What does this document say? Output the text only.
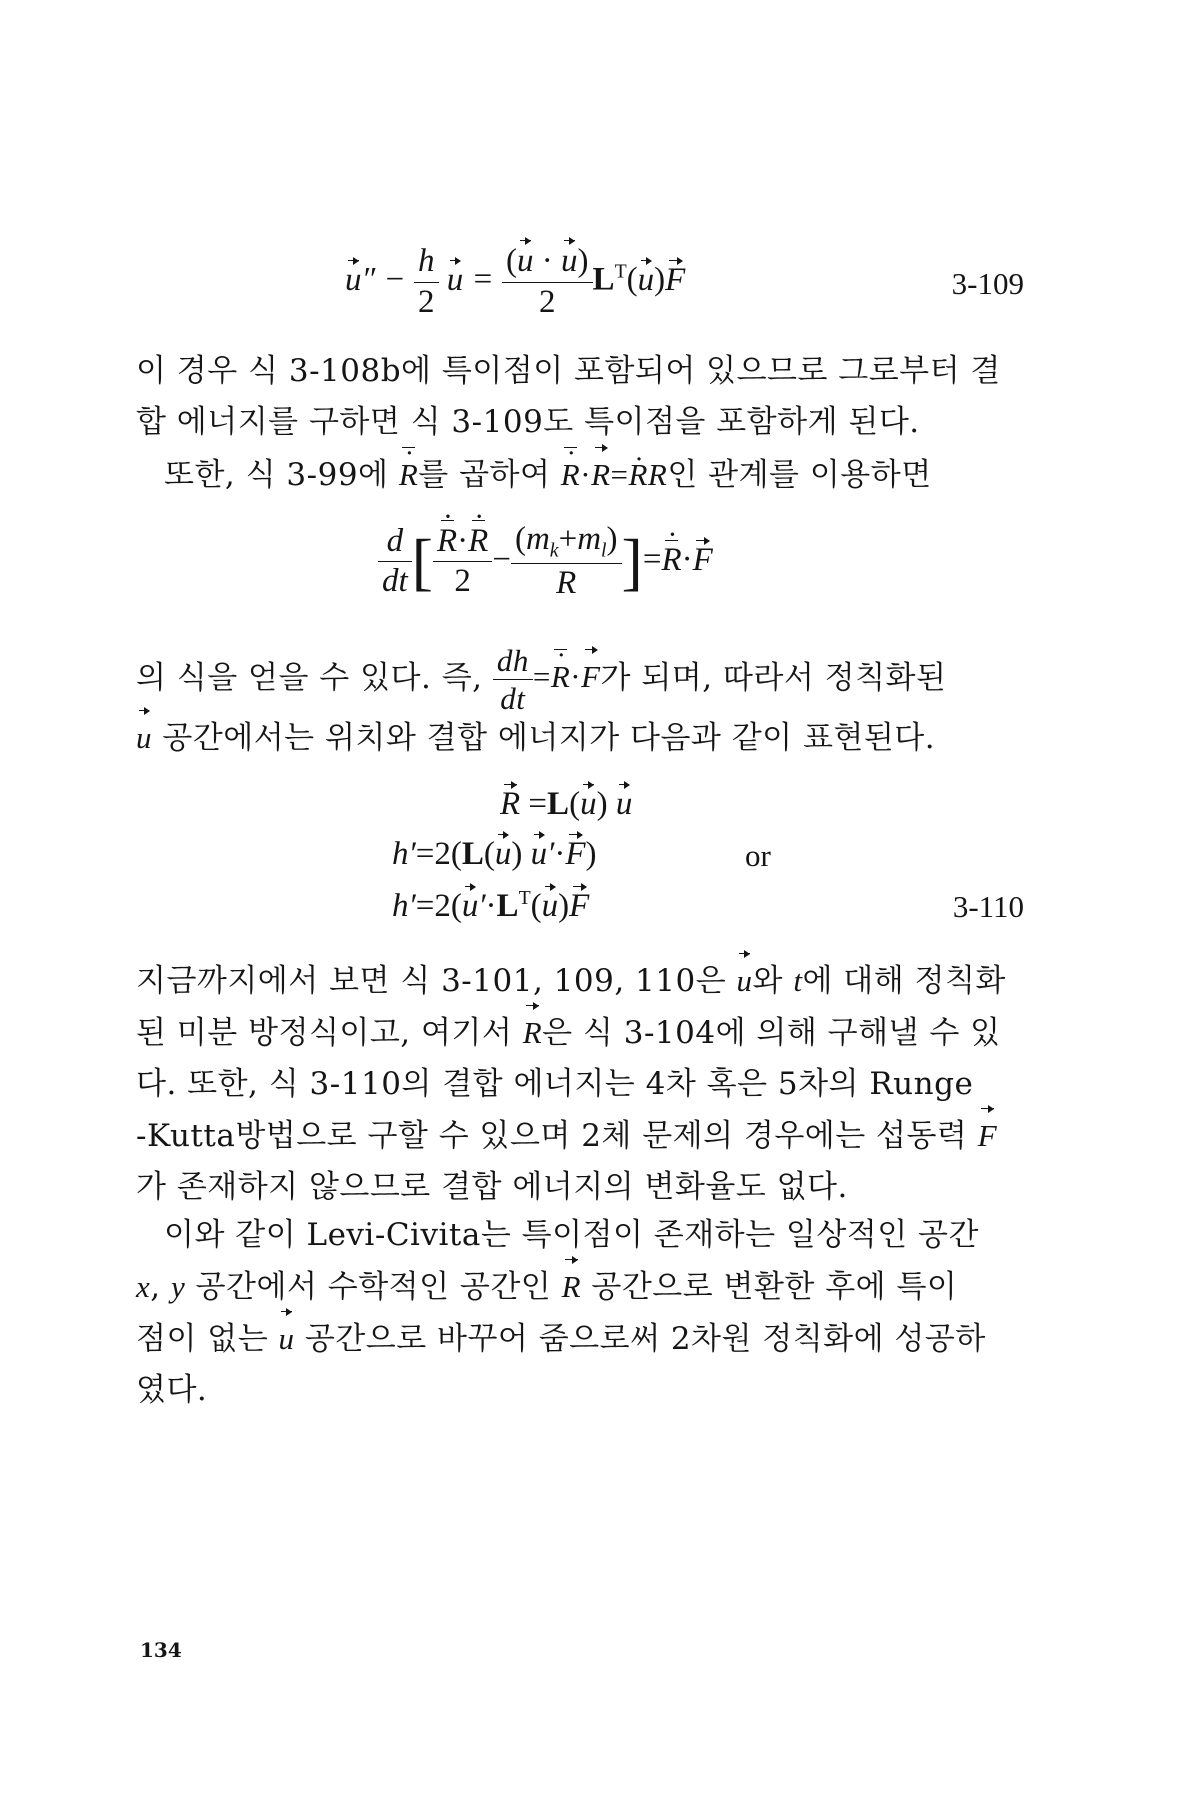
$u'' - \frac{h}{2}$ $u = \frac{(u \cdot u)}{2} L^T(u)F$	3-109
이 경우 식 3-108b에 특이점이 포함되어 있으므로 그로부터 결
합 에너지를 구하면 식 3-109도 특이점을 포함하게 된다.
또한, 식 3-99에 R ·를 곱하여 R ··R=R ·R인 관계를 이용하면
$\frac{d}{dt}$ [ $\frac{R \cdot\cdot R \cdot}{2} - \frac{(m_k+m_l)}{R} ]=R \cdot\cdot F$
의 식을 얻을 수 있다. 즉, $\frac{dh}{dt} =R \cdot\cdot F$가 되며, 따라서 정칙화된
u 공간에서는 위치와 결합 에너지가 다음과 같이 표현된다.
R =L(u) u
h′=2(L(u) u′·F)	or
$h'=2(u'\cdot L^T(u)F$	3-110
지금까지에서 보면 식 3-101, 109, 110은 u와 t에 대해 정칙화
된 미분 방정식이고, 여기서 R은 식 3-104에 의해 구해낼 수 있
다. 또한, 식 3-110의 결합 에너지는 4차 혹은 5차의 Runge
-Kutta방법으로 구할 수 있으며 2체 문제의 경우에는 섭동력 F
가 존재하지 않으므로 결합 에너지의 변화율도 없다.
이와 같이 Levi-Civita는 특이점이 존재하는 일상적인 공간
x, y 공간에서 수학적인 공간인 R 공간으로 변환한 후에 특이
점이 없는 u 공간으로 바꾸어 줌으로써 2차원 정칙화에 성공하
였다.
134
